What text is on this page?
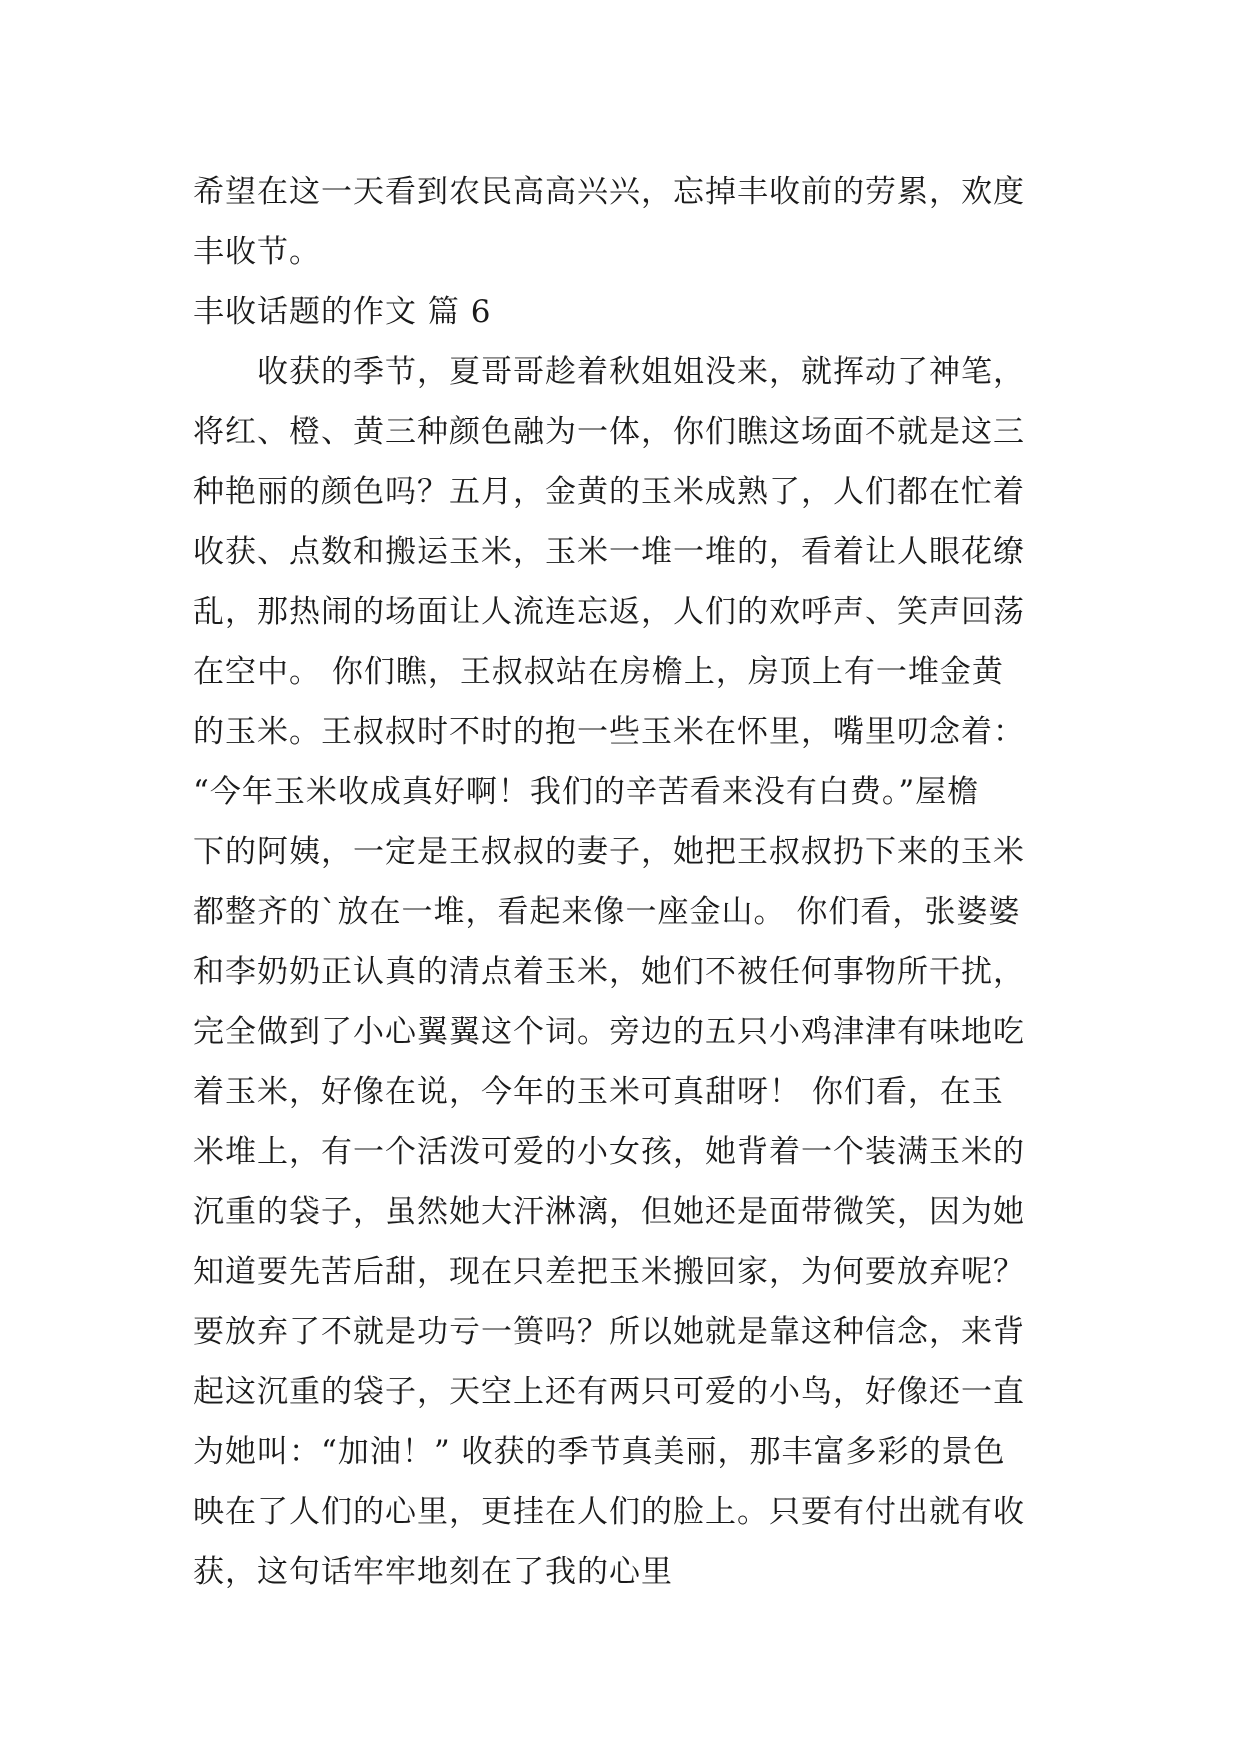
希望在这一天看到农民高高兴兴，忘掉丰收前的劳累，欢度
丰收节。
丰收话题的作文 篇 6
　　收获的季节，夏哥哥趁着秋姐姐没来，就挥动了神笔，
将红、橙、黄三种颜色融为一体，你们瞧这场面不就是这三
种艳丽的颜色吗？五月，金黄的玉米成熟了，人们都在忙着
收获、点数和搬运玉米，玉米一堆一堆的，看着让人眼花缭
乱，那热闹的场面让人流连忘返，人们的欢呼声、笑声回荡
在空中。 你们瞧，王叔叔站在房檐上，房顶上有一堆金黄
的玉米。王叔叔时不时的抱一些玉米在怀里，嘴里叨念着：
“今年玉米收成真好啊！我们的辛苦看来没有白费。”屋檐
下的阿姨，一定是王叔叔的妻子，她把王叔叔扔下来的玉米
都整齐的`放在一堆，看起来像一座金山。 你们看，张婆婆
和李奶奶正认真的清点着玉米，她们不被任何事物所干扰，
完全做到了小心翼翼这个词。旁边的五只小鸡津津有味地吃
着玉米，好像在说，今年的玉米可真甜呀！ 你们看，在玉
米堆上，有一个活泼可爱的小女孩，她背着一个装满玉米的
沉重的袋子，虽然她大汗淋漓，但她还是面带微笑，因为她
知道要先苦后甜，现在只差把玉米搬回家，为何要放弃呢？
要放弃了不就是功亏一篑吗？所以她就是靠这种信念，来背
起这沉重的袋子，天空上还有两只可爱的小鸟，好像还一直
为她叫：“加油！” 收获的季节真美丽，那丰富多彩的景色
映在了人们的心里，更挂在人们的脸上。只要有付出就有收
获，这句话牢牢地刻在了我的心里
